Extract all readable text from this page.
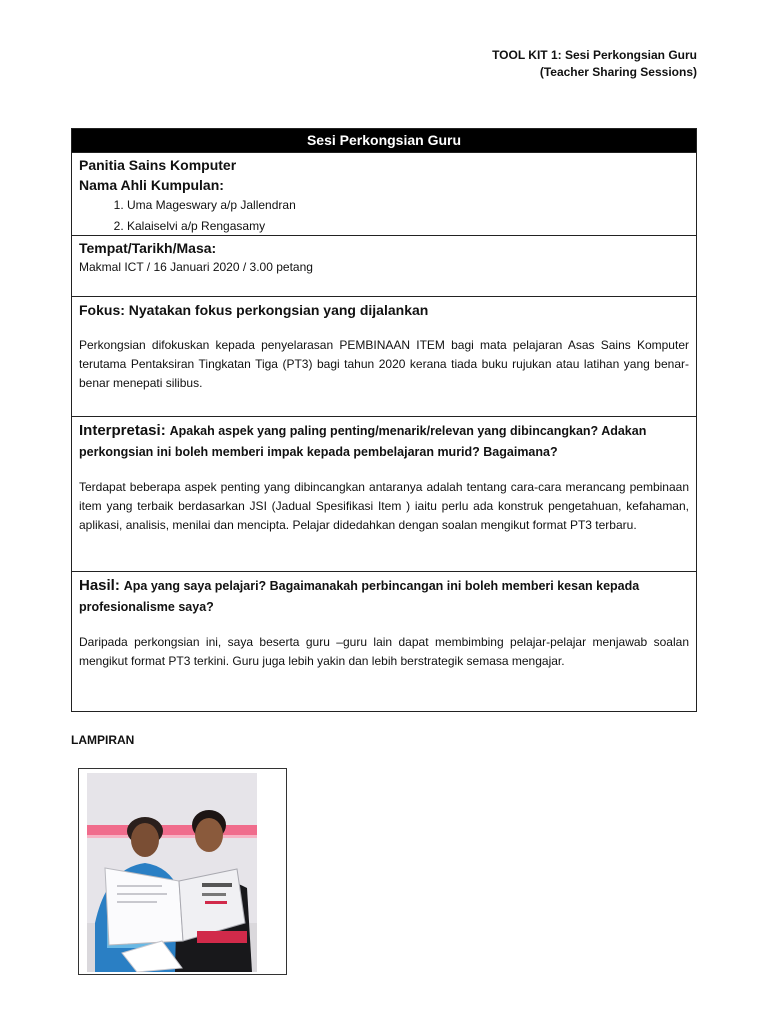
TOOL KIT 1: Sesi Perkongsian Guru
(Teacher Sharing Sessions)
Sesi Perkongsian Guru
Panitia Sains Komputer
Nama Ahli Kumpulan:
1. Uma Mageswary a/p Jallendran
2. Kalaiselvi a/p Rengasamy
Tempat/Tarikh/Masa:
Makmal ICT / 16 Januari 2020 / 3.00 petang
Fokus: Nyatakan fokus perkongsian yang dijalankan

Perkongsian difokuskan kepada penyelarasan PEMBINAAN ITEM bagi mata pelajaran Asas Sains Komputer terutama Pentaksiran Tingkatan Tiga (PT3) bagi tahun 2020 kerana tiada buku rujukan atau latihan yang benar-benar menepati silibus.

Interpretasi: Apakah aspek yang paling penting/menarik/relevan yang dibincangkan? Adakan perkongsian ini boleh memberi impak kepada pembelajaran murid? Bagaimana?

Terdapat beberapa aspek penting yang dibincangkan antaranya adalah tentang cara-cara merancang pembinaan item yang terbaik berdasarkan JSI (Jadual Spesifikasi Item ) iaitu perlu ada konstruk pengetahuan, kefahaman, aplikasi, analisis, menilai dan mencipta. Pelajar didedahkan dengan soalan mengikut format PT3 terbaru.

Hasil: Apa yang saya pelajari? Bagaimanakah perbincangan ini boleh memberi kesan kepada profesionalisme saya?

Daripada perkongsian ini, saya beserta guru –guru lain dapat membimbing pelajar-pelajar menjawab soalan mengikut format PT3 terkini. Guru juga lebih yakin dan lebih berstrategik semasa mengajar.

LAMPIRAN
